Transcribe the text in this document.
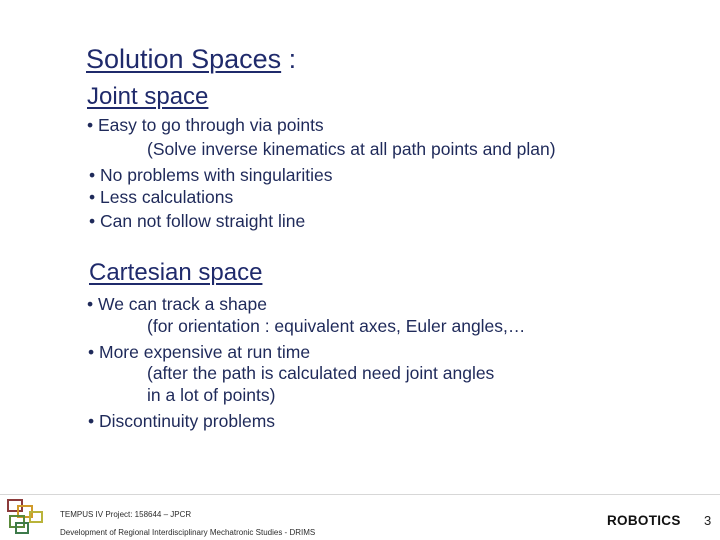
Solution Spaces :
Joint space
• Easy to go through via points
(Solve inverse kinematics at all path points and plan)
• No problems with singularities
• Less calculations
• Can not follow straight line
Cartesian space
• We can track a shape
(for orientation : equivalent axes, Euler angles,…
• More expensive at run time
(after the path is calculated need joint angles
in a lot of points)
• Discontinuity problems
TEMPUS IV Project: 158644 – JPCR
Development of Regional Interdisciplinary Mechatronic Studies - DRIMS
ROBOTICS 3
